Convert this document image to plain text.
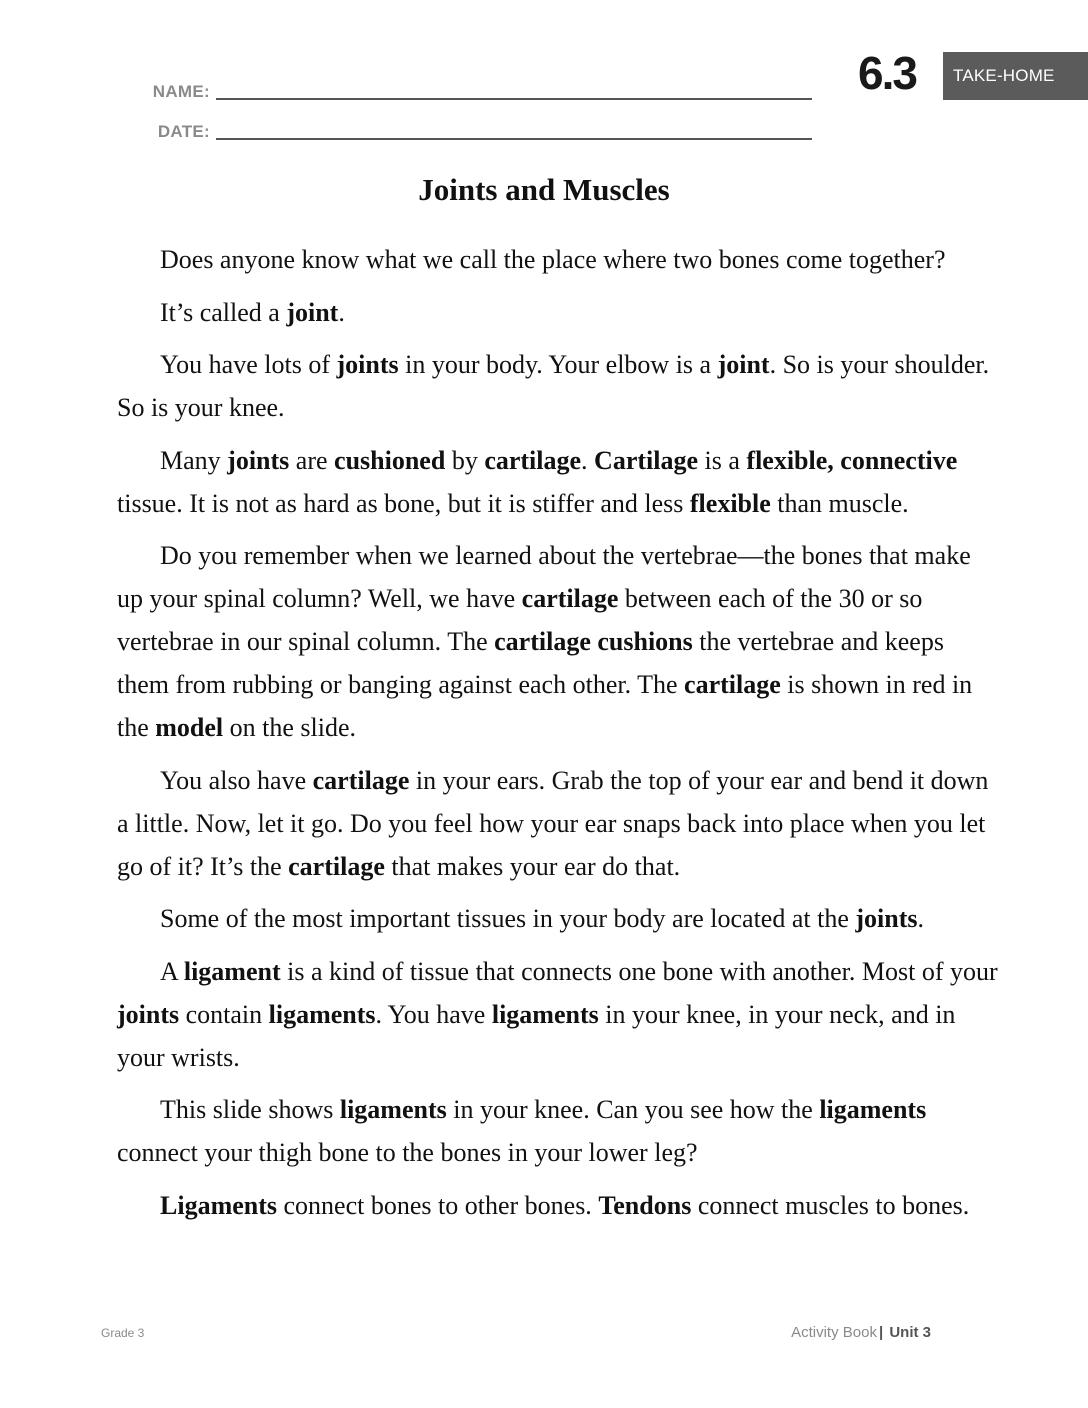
NAME:
DATE:
6.3	TAKE-HOME
Joints and Muscles

Does anyone know what we call the place where two bones come together?

It’s called a joint.

You have lots of joints in your body. Your elbow is a joint. So is your shoulder. So is your knee.

Many joints are cushioned by cartilage. Cartilage is a flexible, connective tissue. It is not as hard as bone, but it is stiffer and less flexible than muscle.

Do you remember when we learned about the vertebrae—the bones that make up your spinal column? Well, we have cartilage between each of the 30 or so vertebrae in our spinal column. The cartilage cushions the vertebrae and keeps them from rubbing or banging against each other. The cartilage is shown in red in the model on the slide.

You also have cartilage in your ears. Grab the top of your ear and bend it down a little. Now, let it go. Do you feel how your ear snaps back into place when you let go of it? It’s the cartilage that makes your ear do that.

Some of the most important tissues in your body are located at the joints.

A ligament is a kind of tissue that connects one bone with another. Most of your joints contain ligaments. You have ligaments in your knee, in your neck, and in your wrists.

This slide shows ligaments in your knee. Can you see how the ligaments connect your thigh bone to the bones in your lower leg?

Ligaments connect bones to other bones. Tendons connect muscles to bones.

Grade 3	Activity Book | Unit 3
